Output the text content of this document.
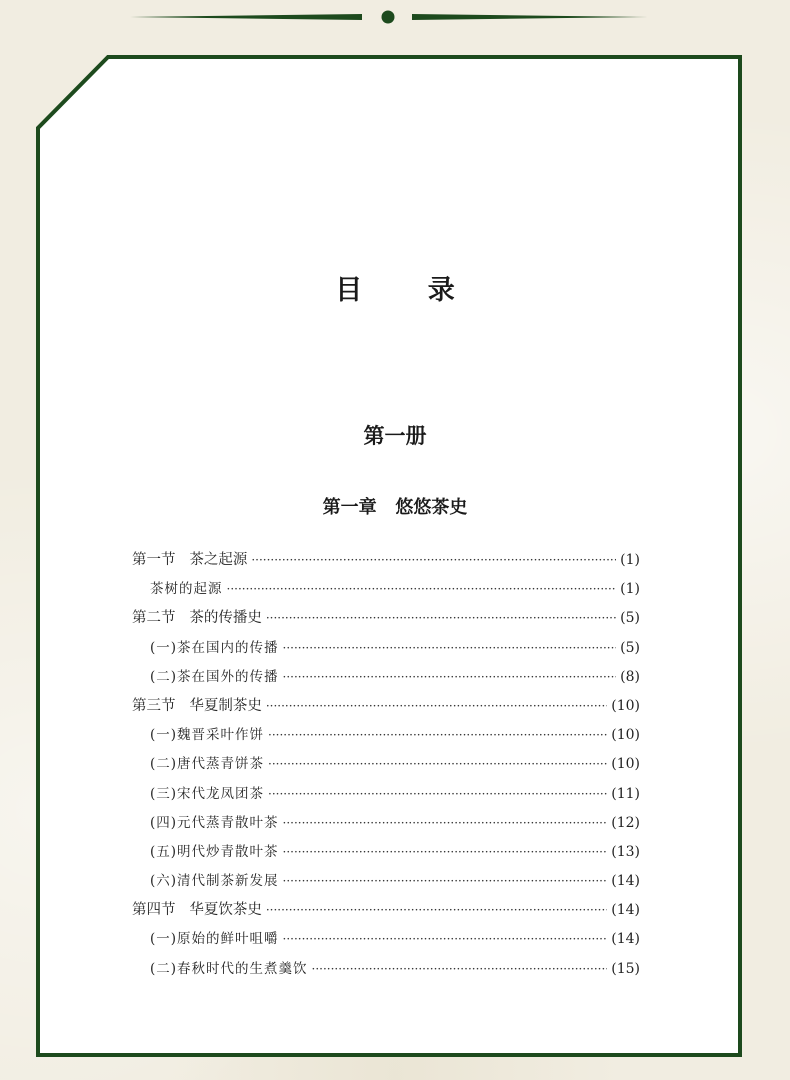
目 录
第一册
第一章   悠悠茶史
第一节   茶之起源 ·····	(1)
茶树的起源 ·····	(1)
第二节   茶的传播史 ·····	(5)
(一)茶在国内的传播 ·····	(5)
(二)茶在国外的传播 ·····	(8)
第三节   华夏制茶史 ·····	(10)
(一)魏晋采叶作饼 ·····	(10)
(二)唐代蒸青饼茶 ·····	(10)
(三)宋代龙凤团茶 ·····	(11)
(四)元代蒸青散叶茶 ·····	(12)
(五)明代炒青散叶茶 ·····	(13)
(六)清代制茶新发展 ·····	(14)
第四节   华夏饮茶史 ·····	(14)
(一)原始的鲜叶咀嚼 ·····	(14)
(二)春秋时代的生煮羹饮 ·····	(15)
